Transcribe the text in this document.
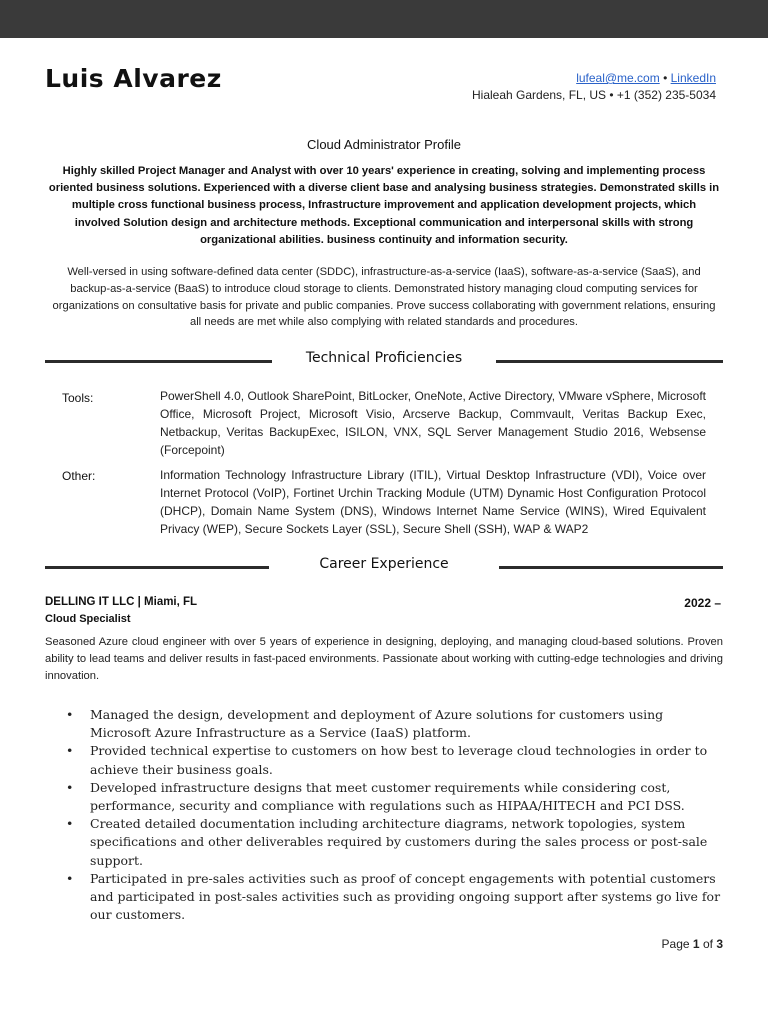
Luis Alvarez	lufeal@me.com • LinkedIn
Hialeah Gardens, FL, US • +1 (352) 235-5034
Cloud Administrator Profile
Highly skilled Project Manager and Analyst with over 10 years' experience in creating, solving and implementing process oriented business solutions. Experienced with a diverse client base and analysing business strategies. Demonstrated skills in multiple cross functional business process, Infrastructure improvement and application development projects, which involved Solution design and architecture methods. Exceptional communication and interpersonal skills with strong organizational abilities. business continuity and information security.
Well-versed in using software-defined data center (SDDC), infrastructure-as-a-service (IaaS), software-as-a-service (SaaS), and backup-as-a-service (BaaS) to introduce cloud storage to clients. Demonstrated history managing cloud computing services for organizations on consultative basis for private and public companies. Prove success collaborating with government relations, ensuring all needs are met while also complying with related standards and procedures.
Technical Proficiencies
Tools:	PowerShell 4.0, Outlook SharePoint, BitLocker, OneNote, Active Directory, VMware vSphere, Microsoft Office, Microsoft Project, Microsoft Visio, Arcserve Backup, Commvault, Veritas Backup Exec, Netbackup, Veritas BackupExec, ISILON, VNX, SQL Server Management Studio 2016, Websense (Forcepoint)
Other:	Information Technology Infrastructure Library (ITIL), Virtual Desktop Infrastructure (VDI), Voice over Internet Protocol (VoIP), Fortinet Urchin Tracking Module (UTM) Dynamic Host Configuration Protocol (DHCP), Domain Name System (DNS), Windows Internet Name Service (WINS), Wired Equivalent Privacy (WEP), Secure Sockets Layer (SSL), Secure Shell (SSH), WAP & WAP2
Career Experience
DELLING IT LLC | Miami, FL	2022 –
Cloud Specialist
Seasoned Azure cloud engineer with over 5 years of experience in designing, deploying, and managing cloud-based solutions. Proven ability to lead teams and deliver results in fast-paced environments. Passionate about working with cutting-edge technologies and driving innovation.
• Managed the design, development and deployment of Azure solutions for customers using Microsoft Azure Infrastructure as a Service (IaaS) platform.
• Provided technical expertise to customers on how best to leverage cloud technologies in order to achieve their business goals.
• Developed infrastructure designs that meet customer requirements while considering cost, performance, security and compliance with regulations such as HIPAA/HITECH and PCI DSS.
• Created detailed documentation including architecture diagrams, network topologies, system specifications and other deliverables required by customers during the sales process or post-sale support.
• Participated in pre-sales activities such as proof of concept engagements with potential customers and participated in post-sales activities such as providing ongoing support after systems go live for our customers.
Page 1 of 3
